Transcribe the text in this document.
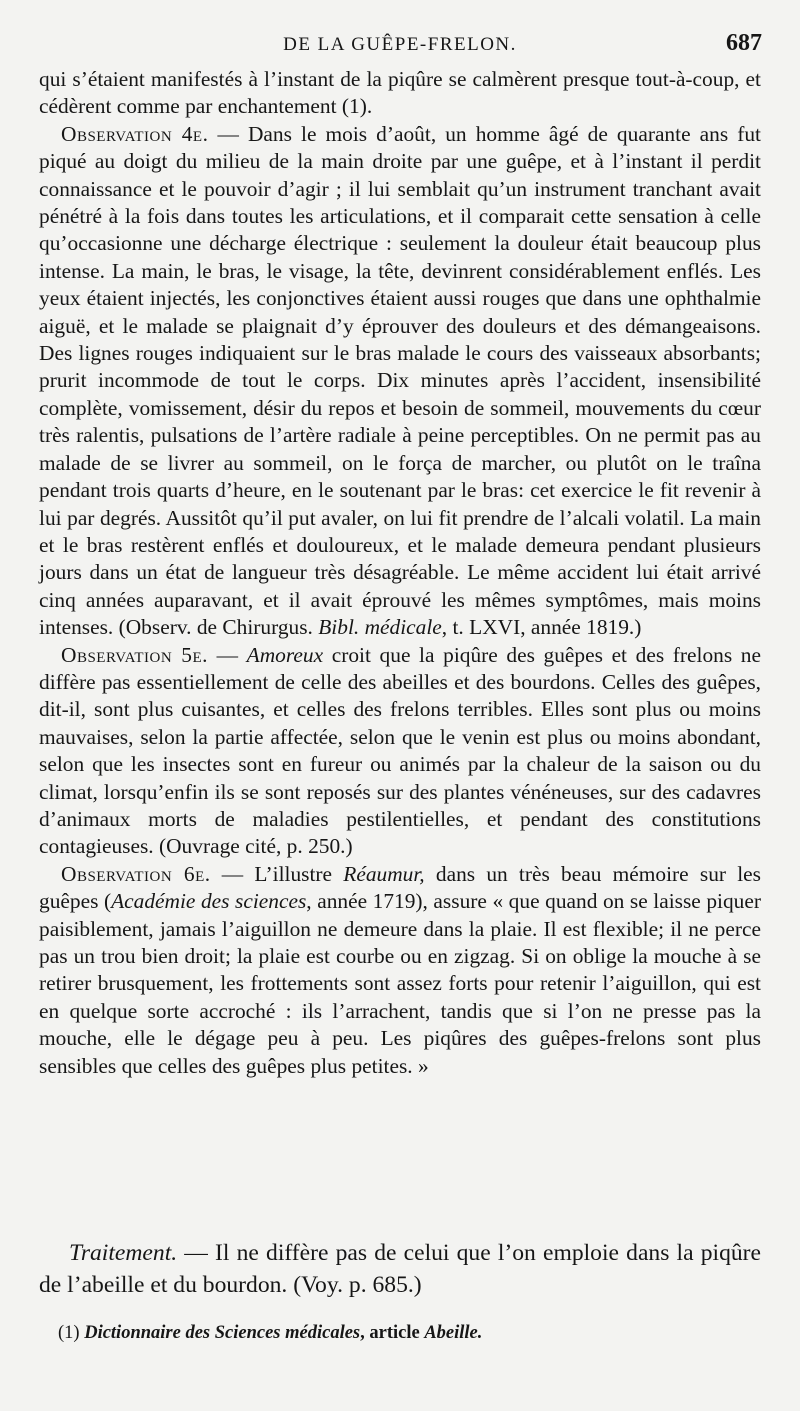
DE LA GUÊPE-FRELON.	687

qui s’étaient manifestés à l’instant de la piqûre se calmèrent presque tout-à-coup, et cédèrent comme par enchantement (1).

Observation 4e. — Dans le mois d’août, un homme âgé de quarante ans fut piqué au doigt du milieu de la main droite par une guêpe, et à l’instant il perdit connaissance et le pouvoir d’agir ; il lui semblait qu’un instrument tranchant avait pénétré à la fois dans toutes les articulations, et il comparait cette sensation à celle qu’occasionne une décharge électrique : seulement la douleur était beaucoup plus intense. La main, le bras, le visage, la tête, devinrent considérablement enflés. Les yeux étaient injectés, les conjonctives étaient aussi rouges que dans une ophthalmie aiguë, et le malade se plaignait d’y éprouver des douleurs et des démangeaisons. Des lignes rouges indiquaient sur le bras malade le cours des vaisseaux absorbants; prurit incommode de tout le corps. Dix minutes après l’accident, insensibilité complète, vomissement, désir du repos et besoin de sommeil, mouvements du cœur très ralentis, pulsations de l’artère radiale à peine perceptibles. On ne permit pas au malade de se livrer au sommeil, on le força de marcher, ou plutôt on le traîna pendant trois quarts d’heure, en le soutenant par le bras: cet exercice le fit revenir à lui par degrés. Aussitôt qu’il put avaler, on lui fit prendre de l’alcali volatil. La main et le bras restèrent enflés et douloureux, et le malade demeura pendant plusieurs jours dans un état de langueur très désagréable. Le même accident lui était arrivé cinq années auparavant, et il avait éprouvé les mêmes symptômes, mais moins intenses. (Observ. de Chirurgus. Bibl. médicale, t. LXVI, année 1819.)

Observation 5e. — Amoreux croit que la piqûre des guêpes et des frelons ne diffère pas essentiellement de celle des abeilles et des bourdons. Celles des guêpes, dit-il, sont plus cuisantes, et celles des frelons terribles. Elles sont plus ou moins mauvaises, selon la partie affectée, selon que le venin est plus ou moins abondant, selon que les insectes sont en fureur ou animés par la chaleur de la saison ou du climat, lorsqu’enfin ils se sont reposés sur des plantes vénéneuses, sur des cadavres d’animaux morts de maladies pestilentielles, et pendant des constitutions contagieuses. (Ouvrage cité, p. 250.)

Observation 6e. — L’illustre Réaumur, dans un très beau mémoire sur les guêpes (Académie des sciences, année 1719), assure « que quand on se laisse piquer paisiblement, jamais l’aiguillon ne demeure dans la plaie. Il est flexible; il ne perce pas un trou bien droit; la plaie est courbe ou en zigzag. Si on oblige la mouche à se retirer brusquement, les frottements sont assez forts pour retenir l’aiguillon, qui est en quelque sorte accroché : ils l’arrachent, tandis que si l’on ne presse pas la mouche, elle le dégage peu à peu. Les piqûres des guêpes-frelons sont plus sensibles que celles des guêpes plus petites. »

Traitement. — Il ne diffère pas de celui que l’on emploie dans la piqûre de l’abeille et du bourdon. (Voy. p. 685.)

(1) Dictionnaire des Sciences médicales, article Abeille.
